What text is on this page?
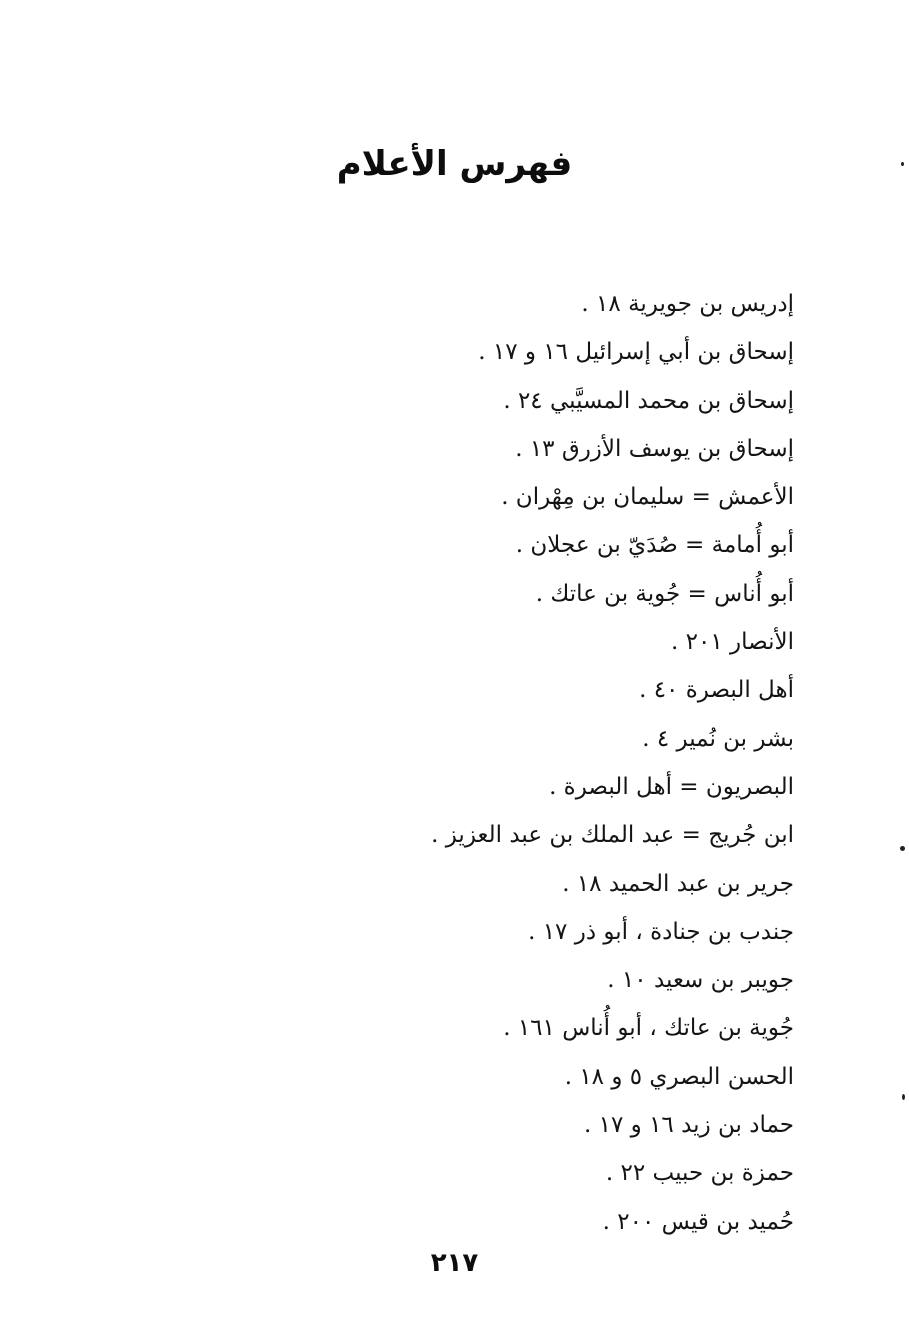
فهرس الأعلام
إدريس بن جويرية ١٨ .
إسحاق بن أبي إسرائيل ١٦ و ١٧ .
إسحاق بن محمد المسيَّبي ٢٤ .
إسحاق بن يوسف الأزرق ١٣ .
الأعمش = سليمان بن مِهْران .
أبو أُمامة = صُدَيّ بن عجلان .
أبو أُناس = جُوية بن عاتك .
الأنصار ٢٠١ .
أهل البصرة ٤٠ .
بشر بن نُمير ٤ .
البصريون = أهل البصرة .
ابن جُريج = عبد الملك بن عبد العزيز .
جرير بن عبد الحميد ١٨ .
جندب بن جنادة ، أبو ذر ١٧ .
جويبر بن سعيد ١٠ .
جُوية بن عاتك ، أبو أُناس ١٦١ .
الحسن البصري ٥ و ١٨ .
حماد بن زيد ١٦ و ١٧ .
حمزة بن حبيب ٢٢ .
حُميد بن قيس ٢٠٠ .
٢١٧
